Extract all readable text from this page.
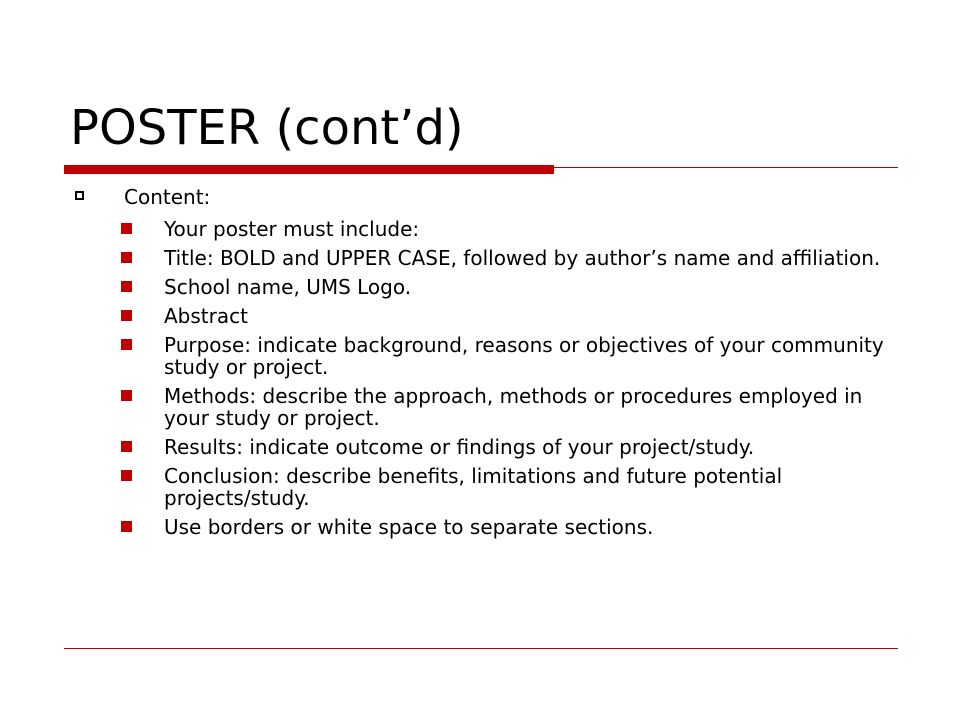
POSTER (cont’d)
Content:
Your poster must include:
Title: BOLD and UPPER CASE, followed by author’s name and affiliation.
School name, UMS Logo.
Abstract
Purpose: indicate background, reasons or objectives of your community study or project.
Methods: describe the approach, methods or procedures employed in your study or project.
Results: indicate outcome or findings of your project/study.
Conclusion: describe benefits, limitations and future potential projects/study.
Use borders or white space to separate sections.
